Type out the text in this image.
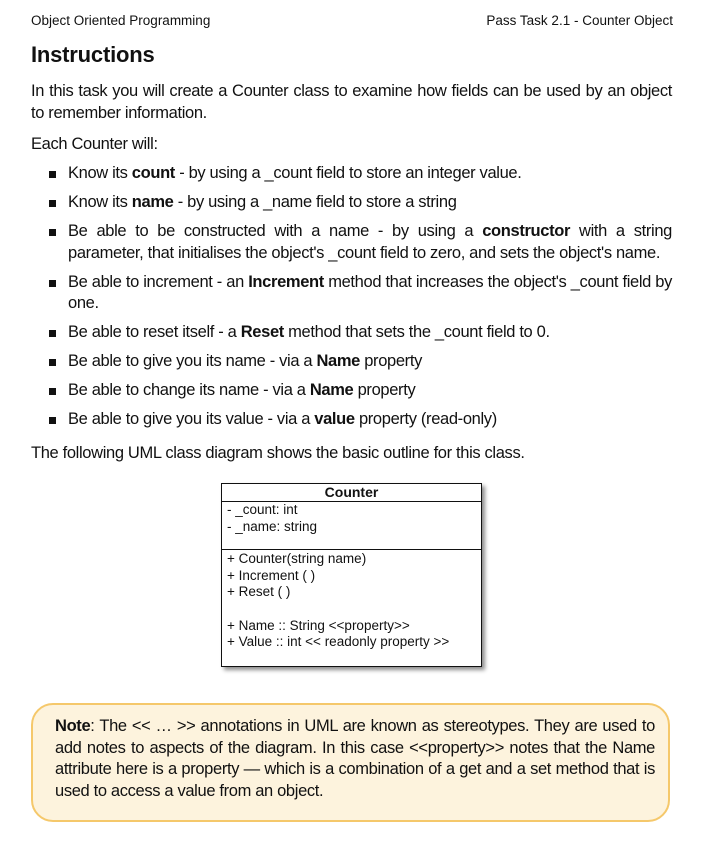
Object Oriented Programming	Pass Task 2.1 - Counter Object
Instructions

In this task you will create a Counter class to examine how fields can be used by an object to remember information.

Each Counter will:

Know its count - by using a _count field to store an integer value.
Know its name - by using a _name field to store a string
Be able to be constructed with a name - by using a constructor with a string parameter, that initialises the object's _count field to zero, and sets the object's name.
Be able to increment - an Increment method that increases the object's _count field by one.
Be able to reset itself - a Reset method that sets the _count field to 0.
Be able to give you its name - via a Name property
Be able to change its name - via a Name property
Be able to give you its value - via a value property (read-only)

The following UML class diagram shows the basic outline for this class.

Counter
- _count: int
- _name: string
+ Counter(string name)
+ Increment ( )
+ Reset ( )
+ Name :: String <<property>>
+ Value :: int << readonly property >>

Note: The << … >> annotations in UML are known as stereotypes. They are used to add notes to aspects of the diagram. In this case <<property>> notes that the Name attribute here is a property — which is a combination of a get and a set method that is used to access a value from an object.
